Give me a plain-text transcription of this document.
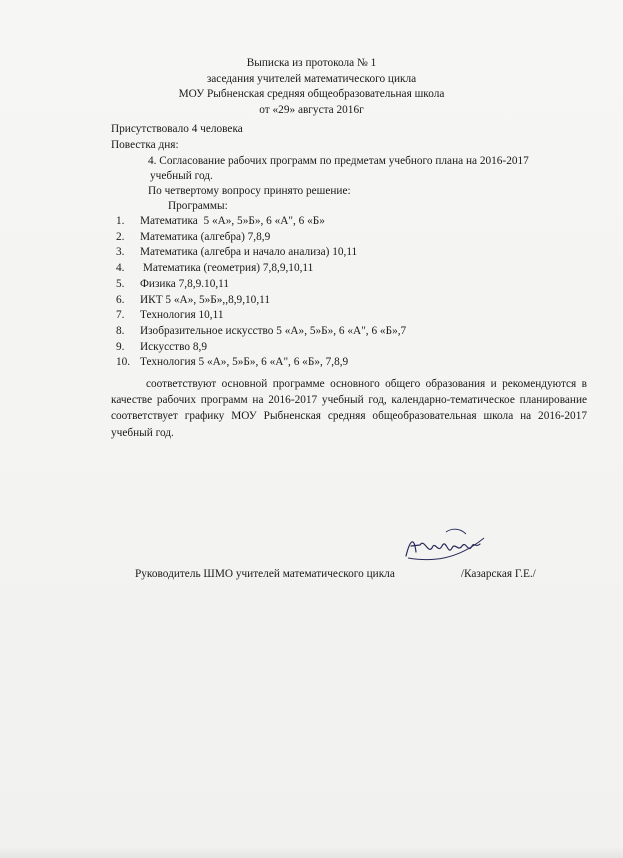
Выписка из протокола № 1
заседания учителей математического цикла
МОУ Рыбненская средняя общеобразовательная школа
от «29» августа 2016г
Присутствовало 4 человека
Повестка дня:
4. Согласование рабочих программ по предметам учебного плана на 2016-2017
учебный год.
По четвертому вопросу принято решение:
Программы:
1. Математика  5 «А», 5»Б», 6 «А", 6 «Б»
2. Математика (алгебра) 7,8,9
3. Математика (алгебра и начало анализа) 10,11
4. Математика (геометрия) 7,8,9,10,11
5. Физика 7,8,9.10,11
6. ИКТ 5 «А», 5»Б»,,8,9,10,11
7. Технология 10,11
8. Изобразительное искусство 5 «А», 5»Б», 6 «А", 6 «Б»,7
9. Искусство 8,9
10. Технология 5 «А», 5»Б», 6 «А", 6 «Б», 7,8,9
соответствуют основной программе основного общего образования и рекомендуются в качестве рабочих программ на 2016-2017 учебный год, календарно-тематическое планирование соответствует графику МОУ Рыбненская средняя общеобразовательная школа на 2016-2017 учебный год.
Руководитель ШМО учителей математического цикла	/Казарская Г.Е./
